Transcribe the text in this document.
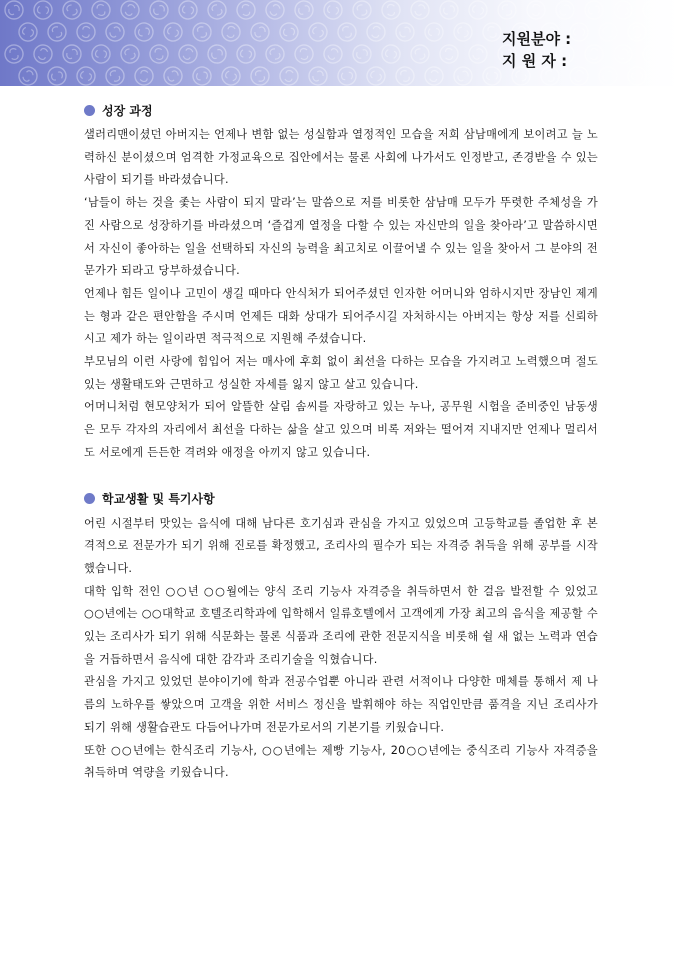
지원분야 :
지 원 자 :
성장 과정

샐러리맨이셨던 아버지는 언제나 변함 없는 성실함과 열정적인 모습을 저희 삼남매에게 보이려고 늘 노력하신 분이셨으며 엄격한 가정교육으로 집안에서는 물론 사회에 나가서도 인정받고, 존경받을 수 있는 사람이 되기를 바라셨습니다.

‘남들이 하는 것을 좇는 사람이 되지 말라’는 말씀으로 저를 비롯한 삼남매 모두가 뚜렷한 주체성을 가진 사람으로 성장하기를 바라셨으며 ‘즐겁게 열정을 다할 수 있는 자신만의 일을 찾아라’고 말씀하시면서 자신이 좋아하는 일을 선택하되 자신의 능력을 최고치로 이끌어낼 수 있는 일을 찾아서 그 분야의 전문가가 되라고 당부하셨습니다.

언제나 힘든 일이나 고민이 생길 때마다 안식처가 되어주셨던 인자한 어머니와 엄하시지만 장남인 제게는 형과 같은 편안함을 주시며 언제든 대화 상대가 되어주시길 자처하시는 아버지는 항상 저를 신뢰하시고 제가 하는 일이라면 적극적으로 지원해 주셨습니다.

부모님의 이런 사랑에 힘입어 저는 매사에 후회 없이 최선을 다하는 모습을 가지려고 노력했으며 절도 있는 생활태도와 근면하고 성실한 자세를 잃지 않고 살고 있습니다.

어머니처럼 현모양처가 되어 알뜰한 살림 솜씨를 자랑하고 있는 누나, 공무원 시험을 준비중인 남동생은 모두 각자의 자리에서 최선을 다하는 삶을 살고 있으며 비록 저와는 떨어져 지내지만 언제나 멀리서도 서로에게 든든한 격려와 애정을 아끼지 않고 있습니다.

학교생활 및 특기사항

어린 시절부터 맛있는 음식에 대해 남다른 호기심과 관심을 가지고 있었으며 고등학교를 졸업한 후 본격적으로 전문가가 되기 위해 진로를 확정했고, 조리사의 필수가 되는 자격증 취득을 위해 공부를 시작했습니다.

대학 입학 전인 ○○년 ○○월에는 양식 조리 기능사 자격증을 취득하면서 한 걸음 발전할 수 있었고 ○○년에는 ○○대학교 호텔조리학과에 입학해서 일류호텔에서 고객에게 가장 최고의 음식을 제공할 수 있는 조리사가 되기 위해 식문화는 물론 식품과 조리에 관한 전문지식을 비롯해 쉴 새 없는 노력과 연습을 거듭하면서 음식에 대한 감각과 조리기술을 익혔습니다.

관심을 가지고 있었던 분야이기에 학과 전공수업뿐 아니라 관련 서적이나 다양한 매체를 통해서 제 나름의 노하우를 쌓았으며 고객을 위한 서비스 정신을 발휘해야 하는 직업인만큼 품격을 지닌 조리사가 되기 위해 생활습관도 다듬어나가며 전문가로서의 기본기를 키웠습니다.

또한 ○○년에는 한식조리 기능사, ○○년에는 제빵 기능사, 20○○년에는 중식조리 기능사 자격증을 취득하며 역량을 키웠습니다.
